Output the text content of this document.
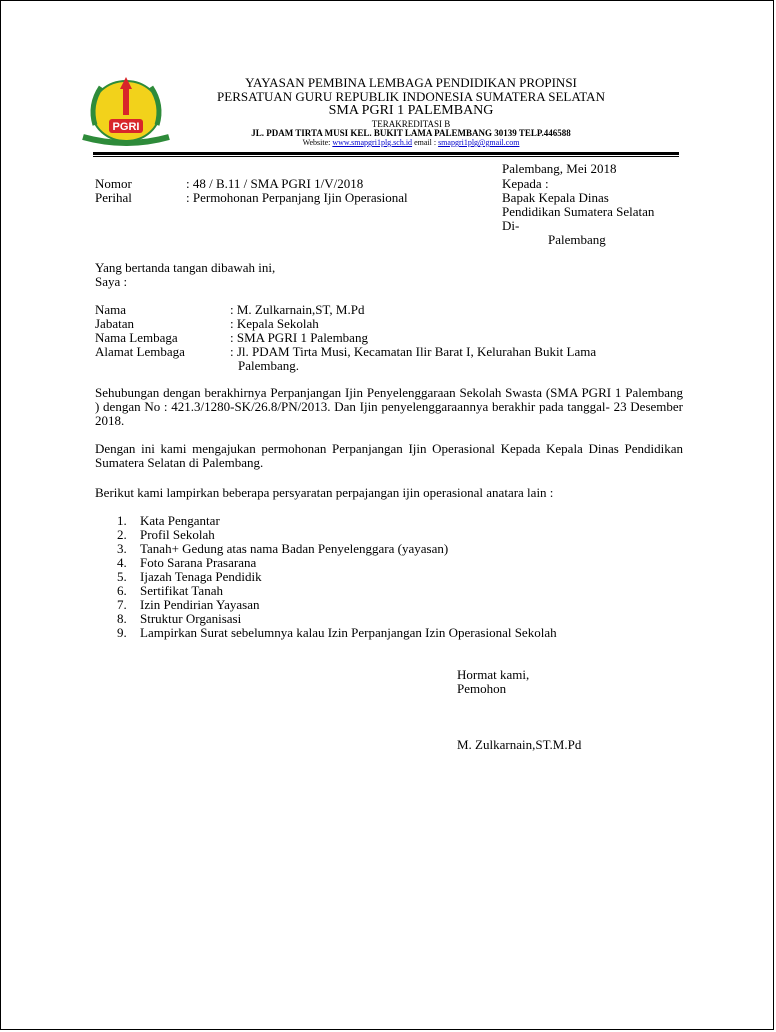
PGRI
YAYASAN PEMBINA LEMBAGA PENDIDIKAN PROPINSI
PERSATUAN GURU REPUBLIK INDONESIA SUMATERA SELATAN
SMA PGRI 1 PALEMBANG
TERAKREDITASI B
JL. PDAM TIRTA MUSI KEL. BUKIT LAMA PALEMBANG 30139 TELP.446588
Website: www.smapgri1plg.sch.id email : smapgri1plg@gmail.com
Palembang, Mei 2018
Kepada :
Bapak Kepala Dinas
Pendidikan Sumatera Selatan
Di-
Palembang
Nomor	: 48 / B.11 / SMA PGRI 1/V/2018
Perihal	: Permohonan Perpanjang Ijin Operasional
Yang bertanda tangan dibawah ini,
Saya :
Nama	: M. Zulkarnain,ST, M.Pd
Jabatan	: Kepala Sekolah
Nama Lembaga	: SMA PGRI 1 Palembang
Alamat Lembaga	: Jl. PDAM Tirta Musi, Kecamatan Ilir Barat I, Kelurahan Bukit Lama
Palembang.
Sehubungan dengan berakhirnya Perpanjangan Ijin Penyelenggaraan Sekolah Swasta (SMA PGRI 1 Palembang ) dengan No : 421.3/1280-SK/26.8/PN/2013. Dan Ijin penyelenggaraannya berakhir pada tanggal- 23 Desember 2018.
Dengan ini kami mengajukan permohonan Perpanjangan Ijin Operasional Kepada Kepala Dinas Pendidikan Sumatera Selatan di Palembang.
Berikut kami lampirkan beberapa persyaratan perpajangan ijin operasional anatara lain :
1. Kata Pengantar
2. Profil Sekolah
3. Tanah+ Gedung atas nama Badan Penyelenggara (yayasan)
4. Foto Sarana Prasarana
5. Ijazah Tenaga Pendidik
6. Sertifikat Tanah
7. Izin Pendirian Yayasan
8. Struktur Organisasi
9. Lampirkan Surat sebelumnya kalau Izin Perpanjangan Izin Operasional Sekolah
Hormat kami,
Pemohon
M. Zulkarnain,ST.M.Pd
